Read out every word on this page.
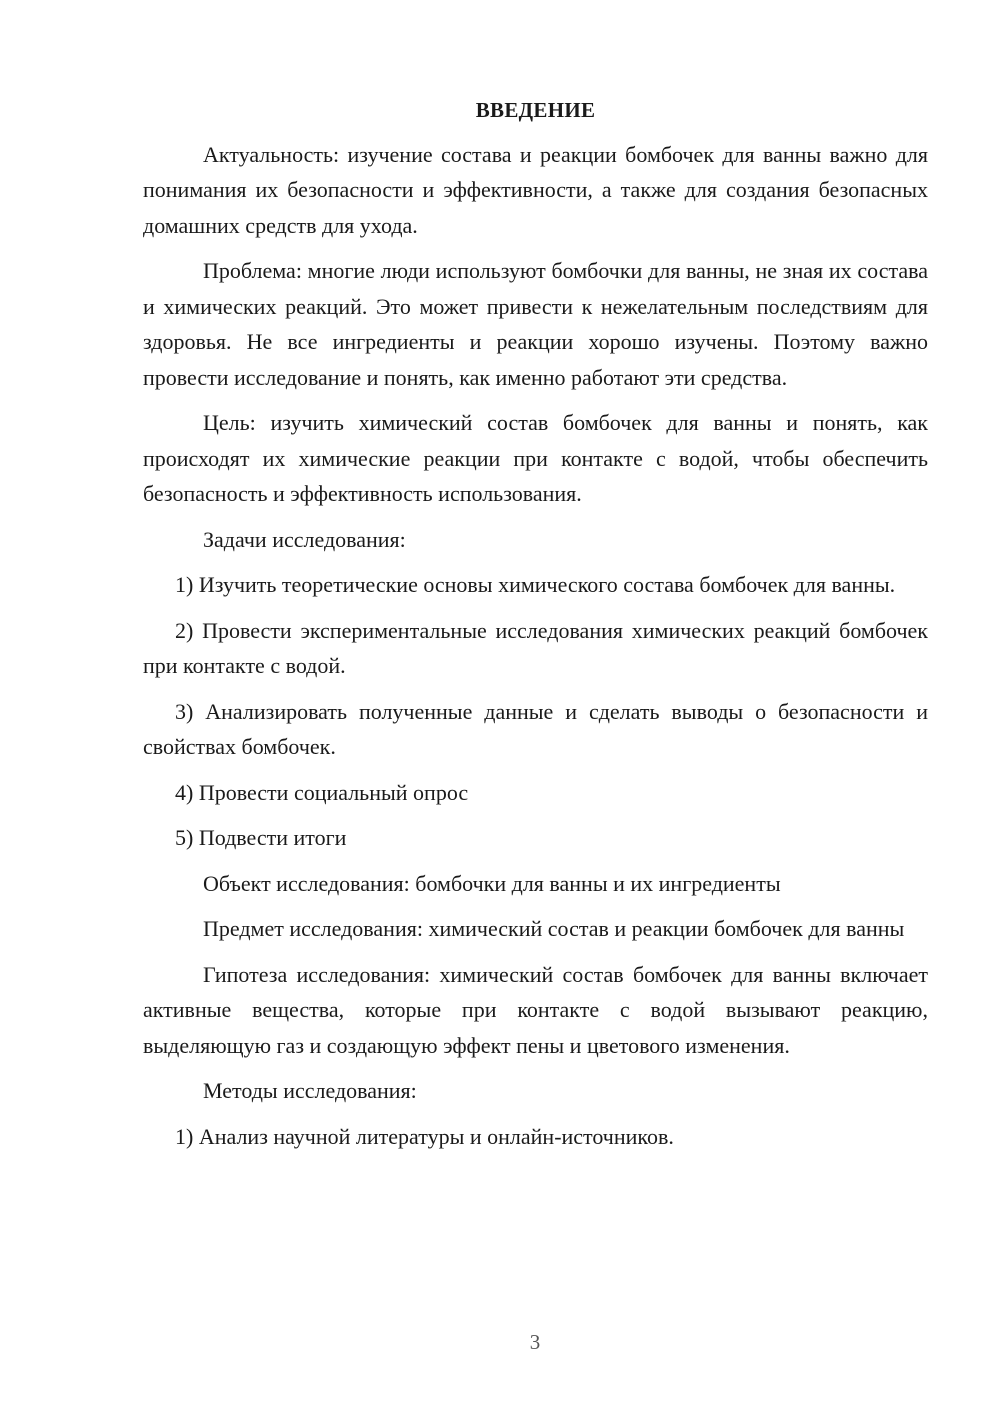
ВВЕДЕНИЕ

Актуальность: изучение состава и реакции бомбочек для ванны важно для понимания их безопасности и эффективности, а также для создания безопасных домашних средств для ухода.

Проблема: многие люди используют бомбочки для ванны, не зная их состава и химических реакций. Это может привести к нежелательным последствиям для здоровья. Не все ингредиенты и реакции хорошо изучены. Поэтому важно провести исследование и понять, как именно работают эти средства.

Цель: изучить химический состав бомбочек для ванны и понять, как происходят их химические реакции при контакте с водой, чтобы обеспечить безопасность и эффективность использования.

Задачи исследования:

1) Изучить теоретические основы химического состава бомбочек для ванны.

2) Провести экспериментальные исследования химических реакций бомбочек при контакте с водой.

3) Анализировать полученные данные и сделать выводы о безопасности и свойствах бомбочек.

4) Провести социальный опрос

5) Подвести итоги

Объект исследования: бомбочки для ванны и их ингредиенты

Предмет исследования: химический состав и реакции бомбочек для ванны

Гипотеза исследования: химический состав бомбочек для ванны включает активные вещества, которые при контакте с водой вызывают реакцию, выделяющую газ и создающую эффект пены и цветового изменения.

Методы исследования:

1) Анализ научной литературы и онлайн-источников.

3
